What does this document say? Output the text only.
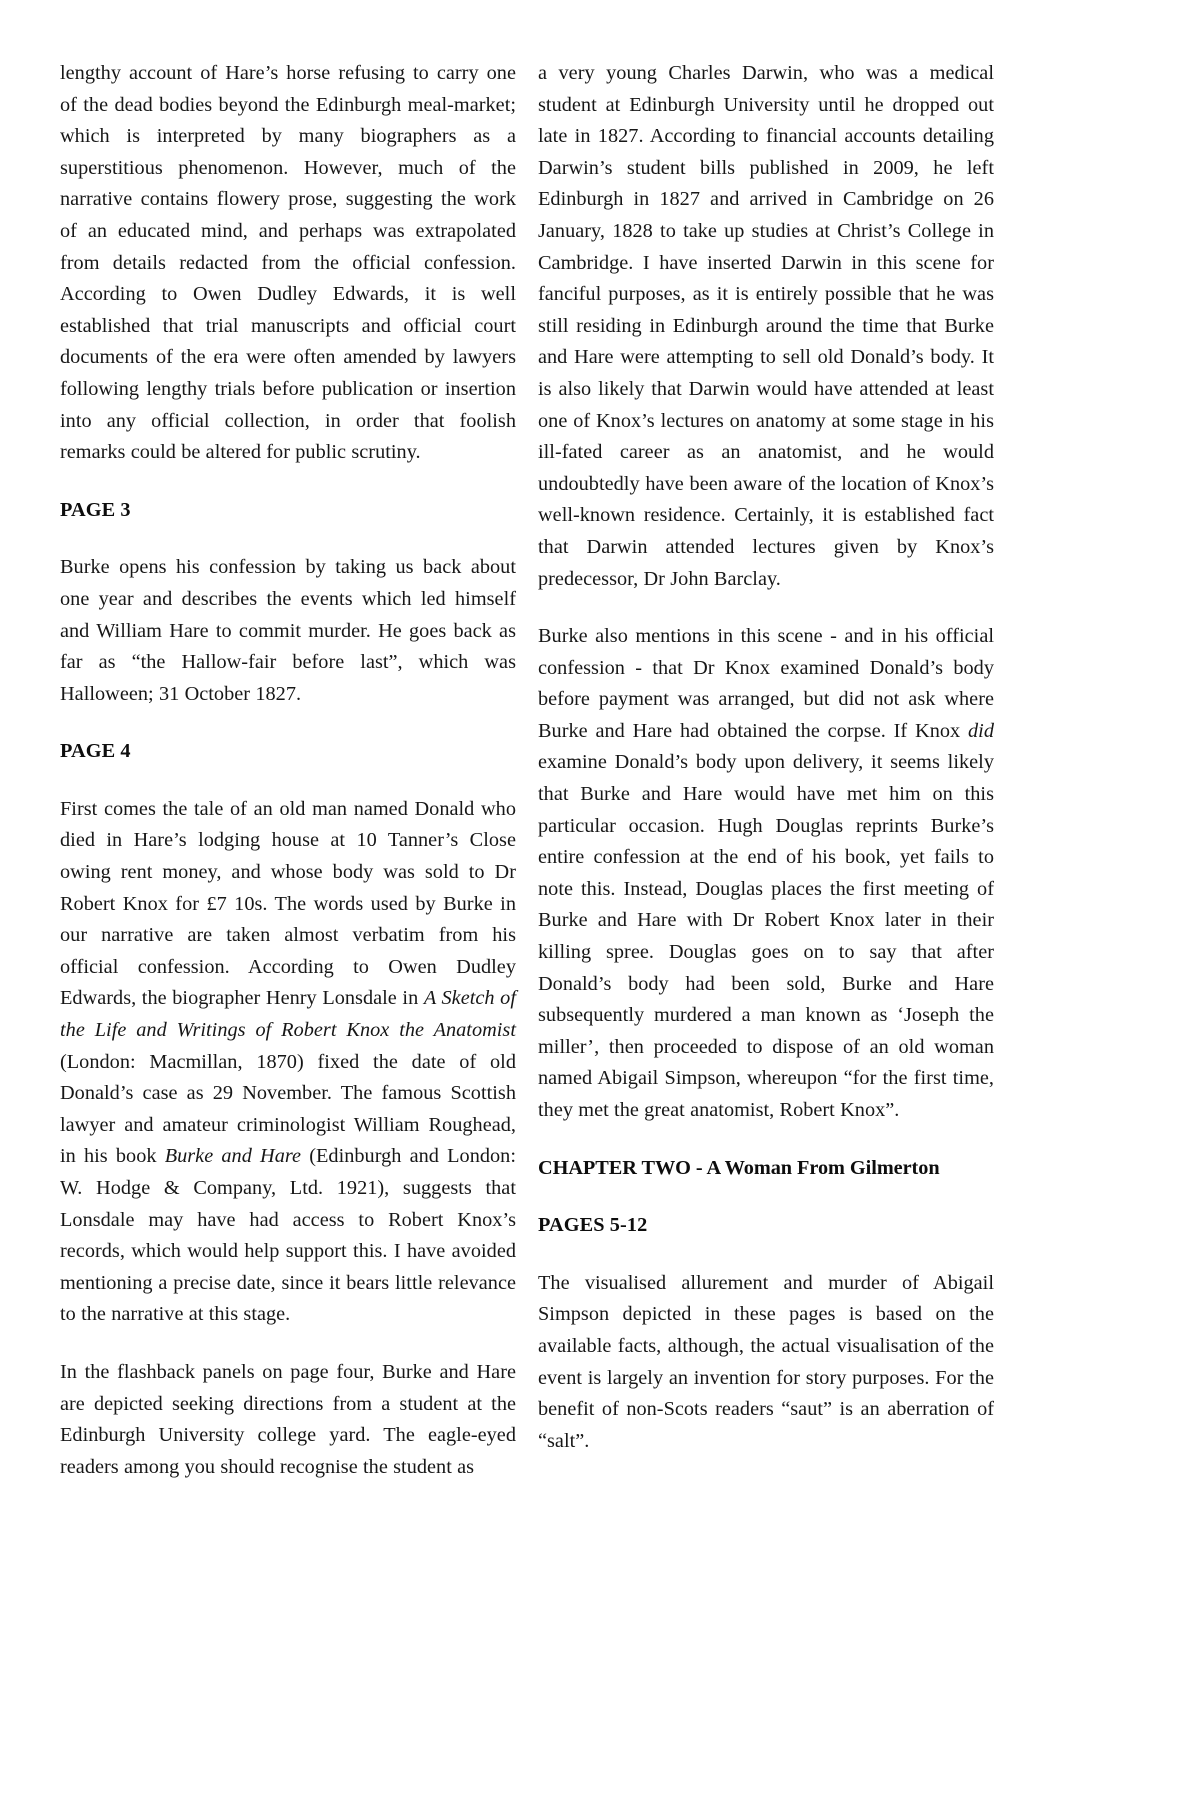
lengthy account of Hare’s horse refusing to carry one of the dead bodies beyond the Edinburgh meal-market; which is interpreted by many biographers as a superstitious phenomenon. However, much of the narrative contains flowery prose, suggesting the work of an educated mind, and perhaps was extrapolated from details redacted from the official confession. According to Owen Dudley Edwards, it is well established that trial manuscripts and official court documents of the era were often amended by lawyers following lengthy trials before publication or insertion into any official collection, in order that foolish remarks could be altered for public scrutiny.

PAGE 3

Burke opens his confession by taking us back about one year and describes the events which led himself and William Hare to commit murder. He goes back as far as “the Hallow-fair before last”, which was Halloween; 31 October 1827.

PAGE 4

First comes the tale of an old man named Donald who died in Hare’s lodging house at 10 Tanner’s Close owing rent money, and whose body was sold to Dr Robert Knox for £7 10s. The words used by Burke in our narrative are taken almost verbatim from his official confession. According to Owen Dudley Edwards, the biographer Henry Lonsdale in A Sketch of the Life and Writings of Robert Knox the Anatomist (London: Macmillan, 1870) fixed the date of old Donald’s case as 29 November. The famous Scottish lawyer and amateur criminologist William Roughead, in his book Burke and Hare (Edinburgh and London: W. Hodge & Company, Ltd. 1921), suggests that Lonsdale may have had access to Robert Knox’s records, which would help support this. I have avoided mentioning a precise date, since it bears little relevance to the narrative at this stage.

In the flashback panels on page four, Burke and Hare are depicted seeking directions from a student at the Edinburgh University college yard. The eagle-eyed readers among you should recognise the student as

a very young Charles Darwin, who was a medical student at Edinburgh University until he dropped out late in 1827. According to financial accounts detailing Darwin’s student bills published in 2009, he left Edinburgh in 1827 and arrived in Cambridge on 26 January, 1828 to take up studies at Christ’s College in Cambridge. I have inserted Darwin in this scene for fanciful purposes, as it is entirely possible that he was still residing in Edinburgh around the time that Burke and Hare were attempting to sell old Donald’s body. It is also likely that Darwin would have attended at least one of Knox’s lectures on anatomy at some stage in his ill-fated career as an anatomist, and he would undoubtedly have been aware of the location of Knox’s well-known residence. Certainly, it is established fact that Darwin attended lectures given by Knox’s predecessor, Dr John Barclay.

Burke also mentions in this scene - and in his official confession - that Dr Knox examined Donald’s body before payment was arranged, but did not ask where Burke and Hare had obtained the corpse. If Knox did examine Donald’s body upon delivery, it seems likely that Burke and Hare would have met him on this particular occasion. Hugh Douglas reprints Burke’s entire confession at the end of his book, yet fails to note this. Instead, Douglas places the first meeting of Burke and Hare with Dr Robert Knox later in their killing spree. Douglas goes on to say that after Donald’s body had been sold, Burke and Hare subsequently murdered a man known as ‘Joseph the miller’, then proceeded to dispose of an old woman named Abigail Simpson, whereupon “for the first time, they met the great anatomist, Robert Knox”.

CHAPTER TWO - A Woman From Gilmerton
PAGES 5-12

The visualised allurement and murder of Abigail Simpson depicted in these pages is based on the available facts, although, the actual visualisation of the event is largely an invention for story purposes. For the benefit of non-Scots readers “saut” is an aberration of “salt”.
